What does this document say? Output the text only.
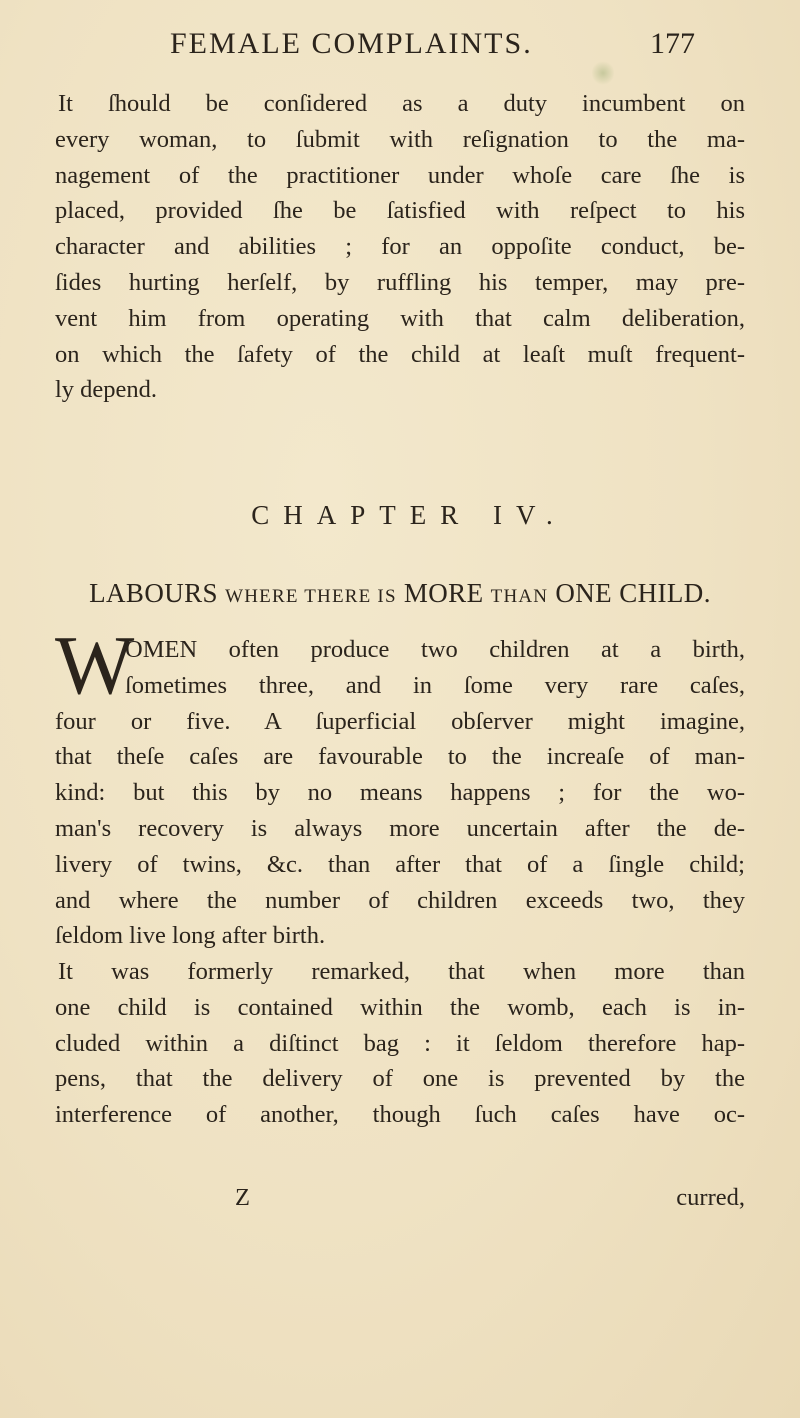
FEMALE COMPLAINTS.	177
It ſhould be conſidered as a duty incumbent on
every woman, to ſubmit with reſignation to the ma-
nagement of the practitioner under whoſe care ſhe is
placed, provided ſhe be ſatisfied with reſpect to his
character and abilities ; for an oppoſite conduct, be-
ſides hurting herſelf, by ruffling his temper, may pre-
vent him from operating with that calm deliberation,
on which the ſafety of the child at leaſt muſt frequent-
ly depend.
CHAPTER IV.
LABOURS WHERE THERE IS MORE THAN ONE CHILD.
W
OMEN often produce two children at a birth,
ſometimes three, and in ſome very rare caſes,
four or five. A ſuperficial obſerver might imagine,
that theſe caſes are favourable to the increaſe of man-
kind: but this by no means happens ; for the wo-
man's recovery is always more uncertain after the de-
livery of twins, &c. than after that of a ſingle child;
and where the number of children exceeds two, they
ſeldom live long after birth.
It was formerly remarked, that when more than
one child is contained within the womb, each is in-
cluded within a diſtinct bag : it ſeldom therefore hap-
pens, that the delivery of one is prevented by the
interference of another, though ſuch caſes have oc-
Z	curred,
